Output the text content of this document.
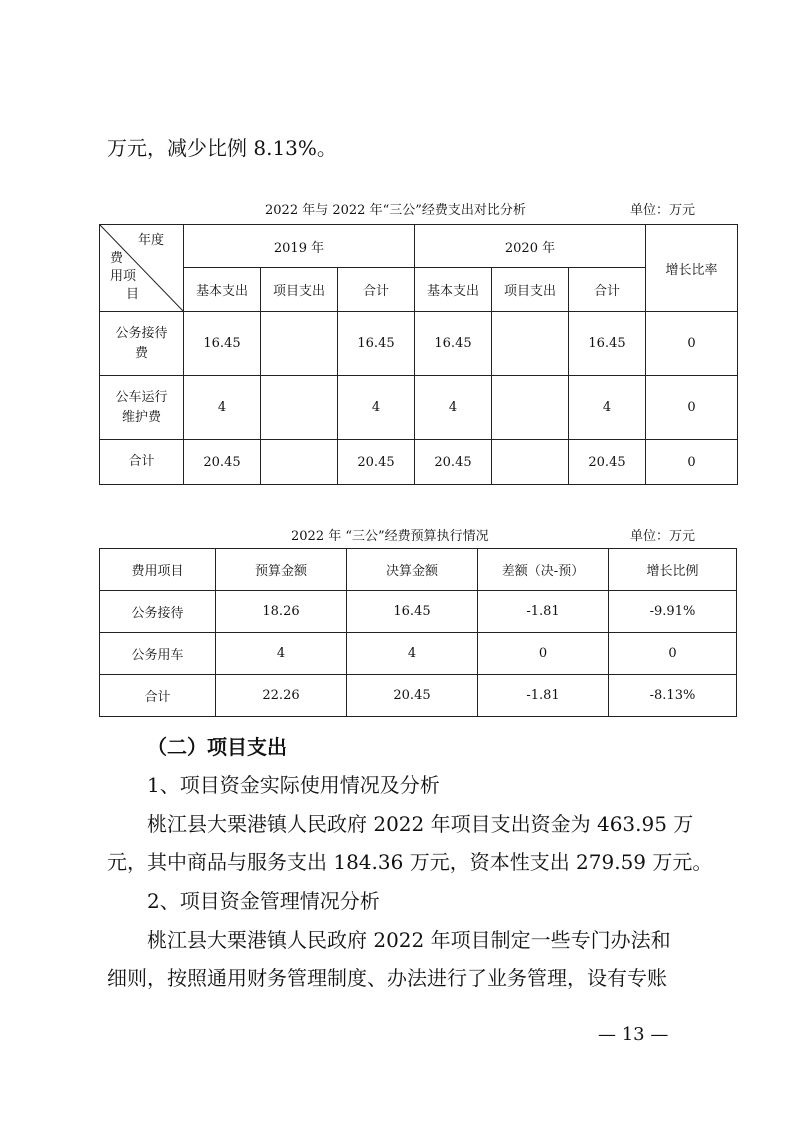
万元，减少比例 8.13%。
2022 年与 2022 年“三公”经费支出对比分析	单位：万元
年度
费
用项
目	2019 年			2020 年			增长比率
	基本支出	项目支出	合计	基本支出	项目支出	合计	

公务接待
费	16.45		16.45	16.45		16.45	0

公车运行
维护费	4		4	4		4	0

合计	20.45		20.45	20.45		20.45	0
2022 年 “三公”经费预算执行情况	单位：万元
费用项目	预算金额	决算金额	差额（决-预）	增长比例
公务接待	18.26	16.45	-1.81	-9.91%
公务用车	4	4	0	0
合计	22.26	20.45	-1.81	-8.13%
（二）项目支出
1、项目资金实际使用情况及分析
桃江县大栗港镇人民政府 2022 年项目支出资金为 463.95 万
元，其中商品与服务支出 184.36 万元，资本性支出 279.59 万元。
2、项目资金管理情况分析
桃江县大栗港镇人民政府 2022 年项目制定一些专门办法和
细则，按照通用财务管理制度、办法进行了业务管理，设有专账
— 13 —
